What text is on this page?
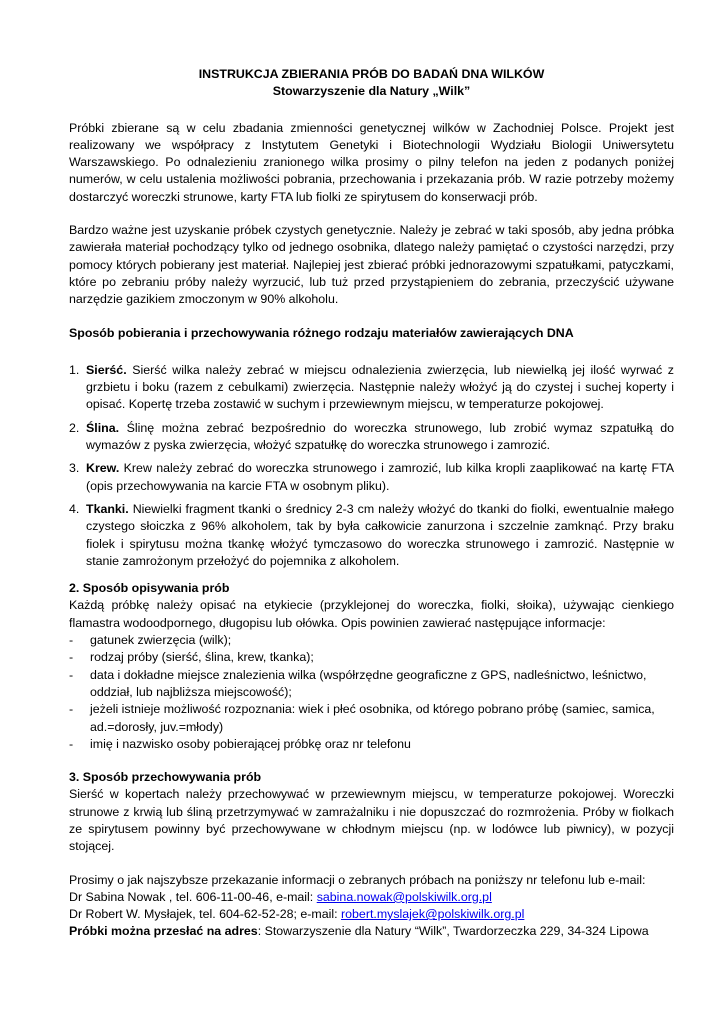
INSTRUKCJA ZBIERANIA PRÓB DO BADAŃ DNA WILKÓW

Stowarzyszenie dla Natury „Wilk”

Próbki zbierane są w celu zbadania zmienności genetycznej wilków w Zachodniej Polsce. Projekt jest realizowany we współpracy z Instytutem Genetyki i Biotechnologii Wydziału Biologii Uniwersytetu Warszawskiego. Po odnalezieniu zranionego wilka prosimy o pilny telefon na jeden z podanych poniżej numerów, w celu ustalenia możliwości pobrania, przechowania i przekazania prób. W razie potrzeby możemy dostarczyć woreczki strunowe, karty FTA lub fiolki ze spirytusem do konserwacji prób.

Bardzo ważne jest uzyskanie próbek czystych genetycznie. Należy je zebrać w taki sposób, aby jedna próbka zawierała materiał pochodzący tylko od jednego osobnika, dlatego należy pamiętać o czystości narzędzi, przy pomocy których pobierany jest materiał. Najlepiej jest zbierać próbki jednorazowymi szpatułkami, patyczkami, które po zebraniu próby należy wyrzucić, lub tuż przed przystąpieniem do zebrania, przeczyścić używane narzędzie gazikiem zmoczonym w 90% alkoholu.

Sposób pobierania i przechowywania różnego rodzaju materiałów zawierających DNA

1. Sierść. Sierść wilka należy zebrać w miejscu odnalezienia zwierzęcia, lub niewielką jej ilość wyrwać z grzbietu i boku (razem z cebulkami) zwierzęcia. Następnie należy włożyć ją do czystej i suchej koperty i opisać. Kopertę trzeba zostawić w suchym i przewiewnym miejscu, w temperaturze pokojowej.
2. Ślina. Ślinę można zebrać bezpośrednio do woreczka strunowego, lub zrobić wymaz szpatułką do wymazów z pyska zwierzęcia, włożyć szpatułkę do woreczka strunowego i zamrozić.
3. Krew. Krew należy zebrać do woreczka strunowego i zamrozić, lub kilka kropli zaaplikować na kartę FTA (opis przechowywania na karcie FTA w osobnym pliku).
4. Tkanki. Niewielki fragment tkanki o średnicy 2-3 cm należy włożyć do tkanki do fiolki, ewentualnie małego czystego słoiczka z 96% alkoholem, tak by była całkowicie zanurzona i szczelnie zamknąć. Przy braku fiolek i spirytusu można tkankę włożyć tymczasowo do woreczka strunowego i zamrozić. Następnie w stanie zamrożonym przełożyć do pojemnika z alkoholem.

2. Sposób opisywania prób

Każdą próbkę należy opisać na etykiecie (przyklejonej do woreczka, fiolki, słoika), używając cienkiego flamastra wodoodpornego, długopisu lub ołówka. Opis powinien zawierać następujące informacje:

- gatunek zwierzęcia (wilk);
- rodzaj próby (sierść, ślina, krew, tkanka);
- data i dokładne miejsce znalezienia wilka (współrzędne geograficzne z GPS, nadleśnictwo, leśnictwo, oddział, lub najbliższa miejscowość);
- jeżeli istnieje możliwość rozpoznania: wiek i płeć osobnika, od którego pobrano próbę (samiec, samica, ad.=dorosły, juv.=młody)
- imię i nazwisko osoby pobierającej próbkę oraz nr telefonu

3. Sposób przechowywania prób

Sierść w kopertach należy przechowywać w przewiewnym miejscu, w temperaturze pokojowej. Woreczki strunowe z krwią lub śliną przetrzymywać w zamrażalniku i nie dopuszczać do rozmrożenia. Próby w fiolkach ze spirytusem powinny być przechowywane w chłodnym miejscu (np. w lodówce lub piwnicy), w pozycji stojącej.

Prosimy o jak najszybsze przekazanie informacji o zebranych próbach na poniższy nr telefonu lub e-mail:

Dr Sabina Nowak , tel. 606-11-00-46, e-mail: sabina.nowak@polskiwilk.org.pl

Dr Robert W. Mysłajek, tel. 604-62-52-28; e-mail: robert.myslajek@polskiwilk.org.pl

Próbki można przesłać na adres: Stowarzyszenie dla Natury “Wilk”, Twardorzeczka 229, 34-324 Lipowa
